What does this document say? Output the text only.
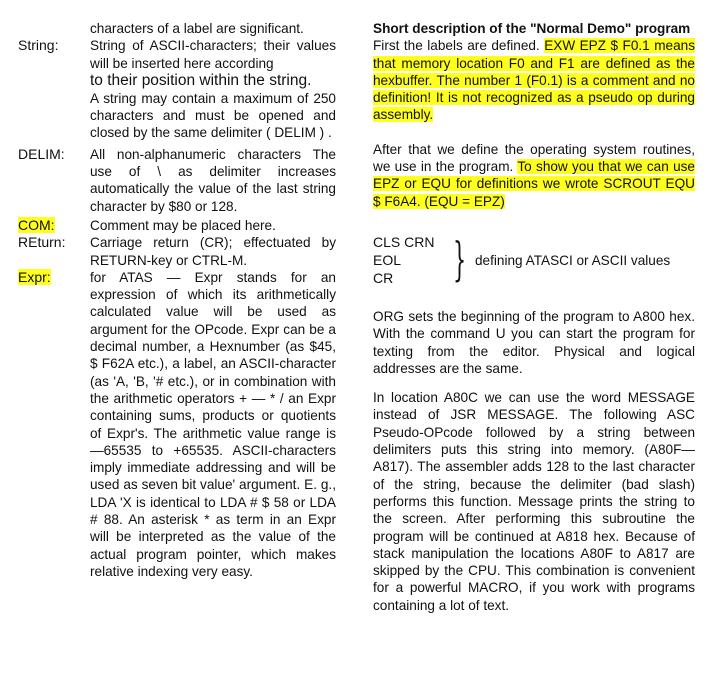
characters of a label are significant.

String: String of ASCII-characters; their values will be inserted here according

to their position within the string.

A string may contain a maximum of 250 characters and must be opened and closed by the same delimiter ( DELIM ) .

DELIM: All non-alphanumeric characters The use of \ as delimiter increases automatically the value of the last string character by $80 or 128.

COM:	Comment may be placed here.

REturn: Carriage return (CR); effectuated by RETURN-key or CTRL-M.

Expr:	for ATAS — Expr stands for an expression of which its arithmetically calculated value will be used as argument for the OPcode. Expr can be a decimal number, a Hexnumber (as $45, $ F62A etc.), a label, an ASCII-character (as 'A, 'B, '# etc.), or in combination with the arithmetic operators + — * / an Expr containing sums, products or quotients of Expr's. The arithmetic value range is —65535 to +65535. ASCII-characters imply immediate addressing and will be used as seven bit value' argument. E. g., LDA 'X is identical to LDA # $ 58 or LDA # 88. An asterisk * as term in an Expr will be interpreted as the value of the actual program pointer, which makes relative indexing very easy.

Short description of the "Normal Demo" program

First the labels are defined. EXW EPZ $ F0.1 means that memory location F0 and F1 are defined as the hexbuffer. The number 1 (F0.1) is a comment and no definition! It is not recognized as a pseudo op during assembly.

After that we define the operating system routines, we use in the program. To show you that we can use EPZ or EQU for definitions we wrote SCROUT EQU $ F6A4. (EQU = EPZ)

CLS CRN
EOL
CR	} defining ATASCI or ASCII values

ORG sets the beginning of the program to A800 hex. With the command U you can start the program for texting from the editor. Physical and logical addresses are the same.

In location A80C we can use the word MESSAGE instead of JSR MESSAGE. The following ASC Pseudo-OPcode followed by a string between delimiters puts this string into memory. (A80F—A817). The assembler adds 128 to the last character of the string, because the delimiter (bad slash) performs this function. Message prints the string to the screen. After performing this subroutine the program will be continued at A818 hex. Because of stack manipulation the locations A80F to A817 are skipped by the CPU. This combination is convenient for a powerful MACRO, if you work with programs containing a lot of text.
